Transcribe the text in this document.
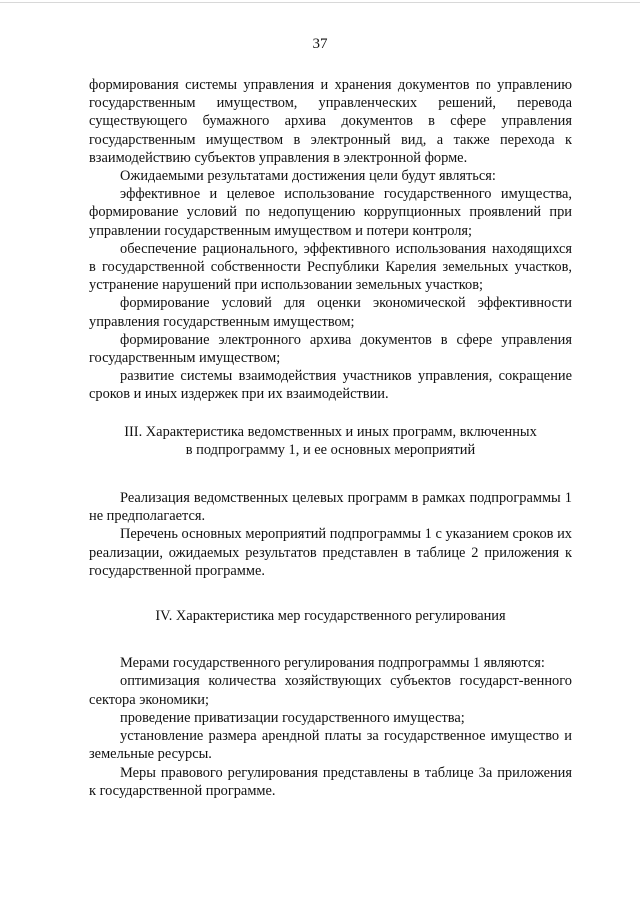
37

формирования системы управления и хранения документов по управлению государственным имуществом, управленческих решений, перевода существующего бумажного архива документов в сфере управления государственным имуществом в электронный вид, а также перехода к взаимодействию субъектов управления в электронной форме.

Ожидаемыми результатами достижения цели будут являться:

эффективное и целевое использование государственного имущества, формирование условий по недопущению коррупционных проявлений при управлении государственным имуществом и потери контроля;

обеспечение рационального, эффективного использования находящихся в государственной собственности Республики Карелия земельных участков, устранение нарушений при использовании земельных участков;

формирование условий для оценки экономической эффективности управления государственным имуществом;

формирование электронного архива документов в сфере управления государственным имуществом;

развитие системы взаимодействия участников управления, сокращение сроков и иных издержек при их взаимодействии.

III. Характеристика ведомственных и иных программ, включенных

в подпрограмму 1, и ее основных мероприятий

Реализация ведомственных целевых программ в рамках подпрограммы 1 не предполагается.

Перечень основных мероприятий подпрограммы 1 с указанием сроков их реализации, ожидаемых результатов представлен в таблице 2 приложения к государственной программе.

IV. Характеристика мер государственного регулирования

Мерами государственного регулирования подпрограммы 1 являются:

оптимизация количества хозяйствующих субъектов государст-венного сектора экономики;

проведение приватизации государственного имущества;

установление размера арендной платы за государственное имущество и земельные ресурсы.

Меры правового регулирования представлены в таблице 3а приложения к государственной программе.
